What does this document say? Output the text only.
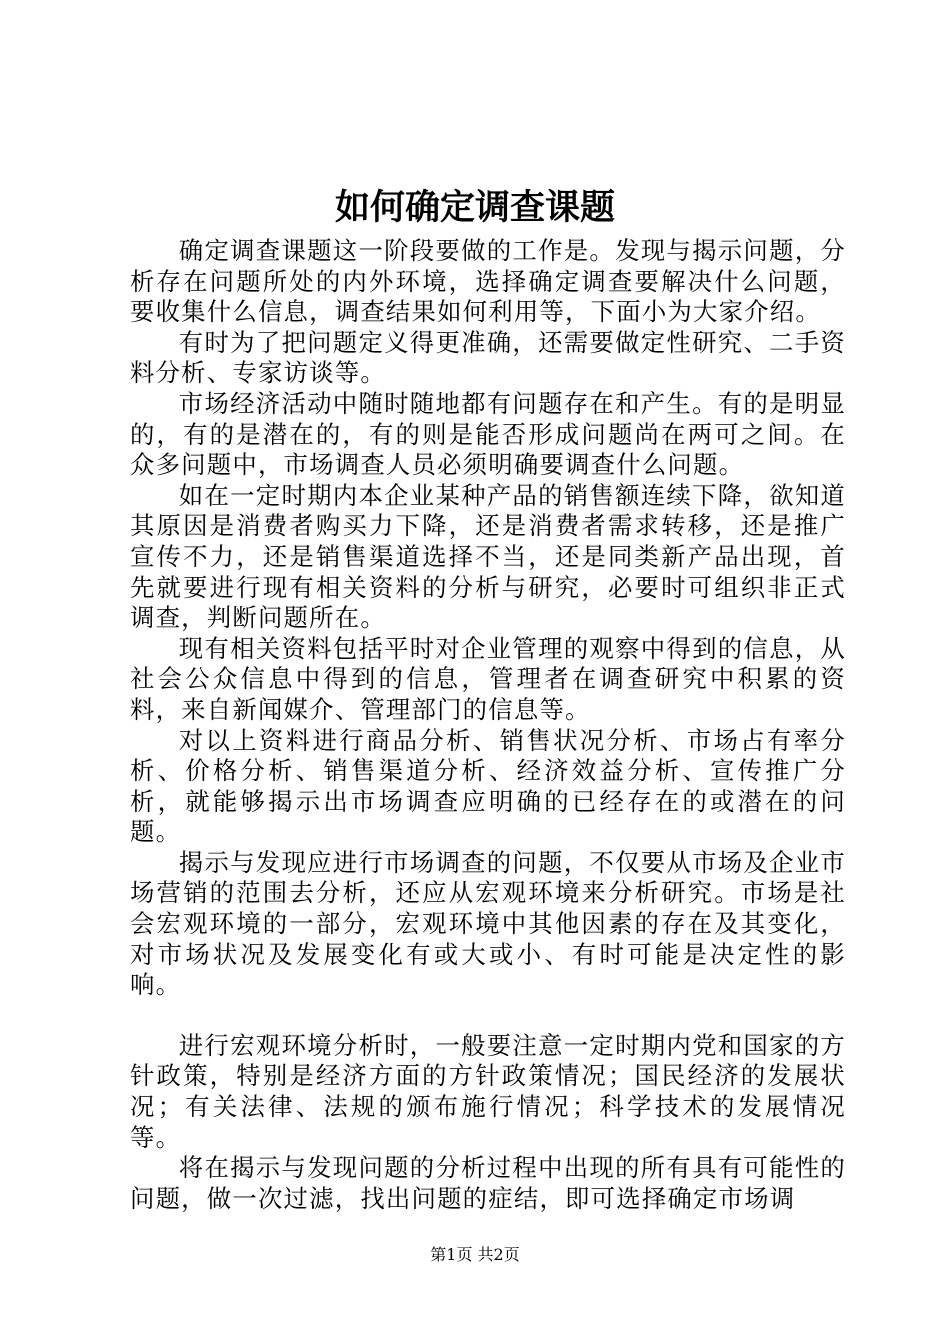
如何确定调查课题

确定调查课题这一阶段要做的工作是。发现与揭示问题，分析存在问题所处的内外环境，选择确定调查要解决什么问题，要收集什么信息，调查结果如何利用等，下面小为大家介绍。

有时为了把问题定义得更准确，还需要做定性研究、二手资料分析、专家访谈等。

市场经济活动中随时随地都有问题存在和产生。有的是明显的，有的是潜在的，有的则是能否形成问题尚在两可之间。在众多问题中，市场调查人员必须明确要调查什么问题。

如在一定时期内本企业某种产品的销售额连续下降，欲知道其原因是消费者购买力下降，还是消费者需求转移，还是推广宣传不力，还是销售渠道选择不当，还是同类新产品出现，首先就要进行现有相关资料的分析与研究，必要时可组织非正式调查，判断问题所在。

现有相关资料包括平时对企业管理的观察中得到的信息，从社会公众信息中得到的信息，管理者在调查研究中积累的资料，来自新闻媒介、管理部门的信息等。

对以上资料进行商品分析、销售状况分析、市场占有率分析、价格分析、销售渠道分析、经济效益分析、宣传推广分析，就能够揭示出市场调查应明确的已经存在的或潜在的问题。

揭示与发现应进行市场调查的问题，不仅要从市场及企业市场营销的范围去分析，还应从宏观环境来分析研究。市场是社会宏观环境的一部分，宏观环境中其他因素的存在及其变化，对市场状况及发展变化有或大或小、有时可能是决定性的影响。

进行宏观环境分析时，一般要注意一定时期内党和国家的方针政策，特别是经济方面的方针政策情况；国民经济的发展状况；有关法律、法规的颁布施行情况；科学技术的发展情况等。

将在揭示与发现问题的分析过程中出现的所有具有可能性的问题，做一次过滤，找出问题的症结，即可选择确定市场调

第1页 共2页
